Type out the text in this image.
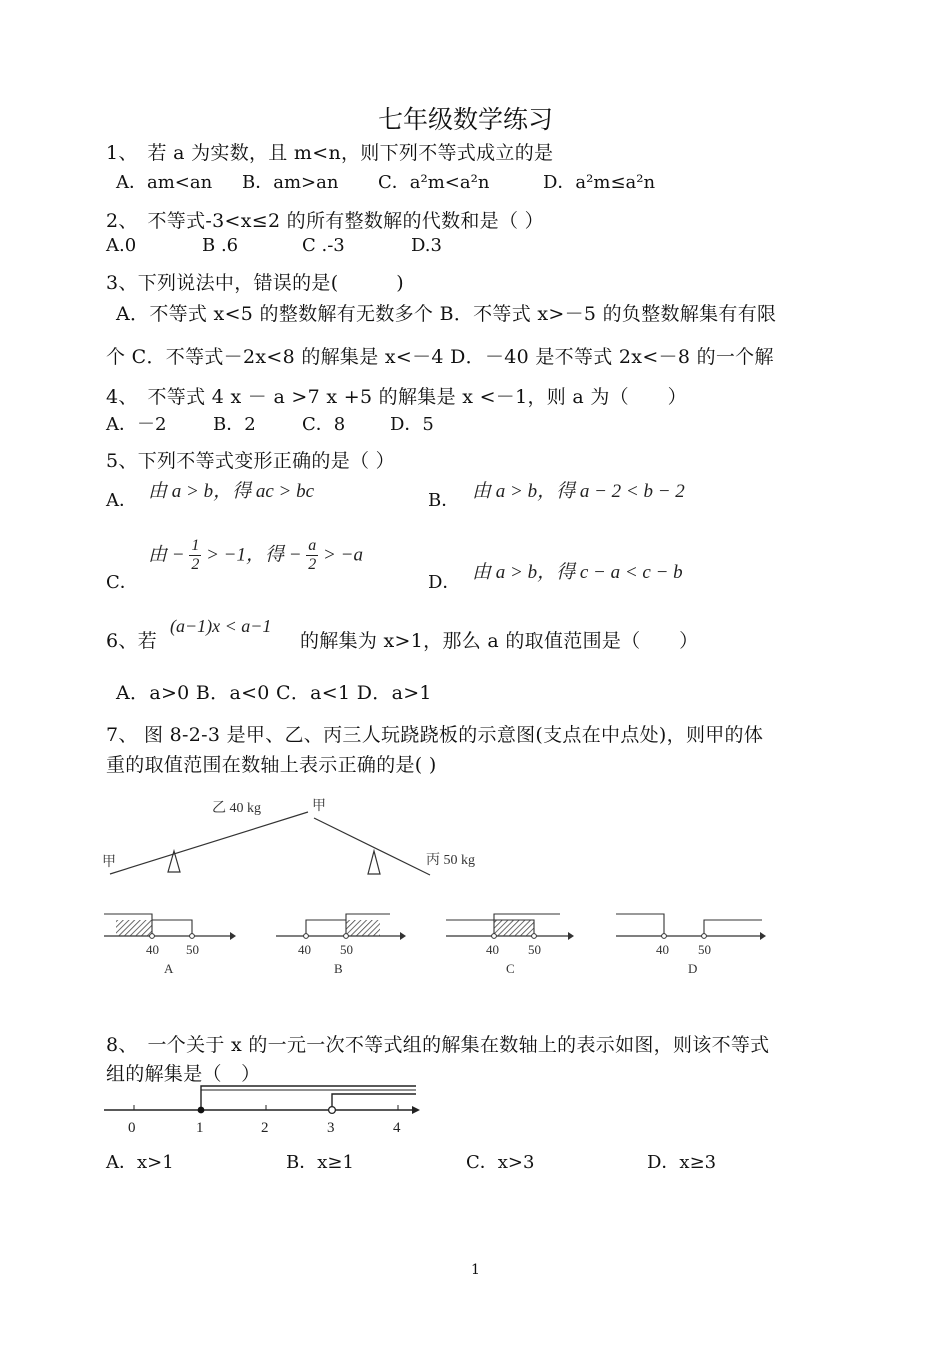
七年级数学练习
1、　若 a 为实数，且 m<n，则下列不等式成立的是
A．am<an B．am>an C．a²m<a²n	D．a²m≤a²n
2、　不等式-3<x≤2 的所有整数解的代数和是（ ）
A.0	B .6	C .-3	D.3
3、下列说法中，错误的是(　　　)
A．不等式 x<5 的整数解有无数多个 B．不等式 x>－5 的负整数解集有有限
个 C．不等式－2x<8 的解集是 x<－4 D．－40 是不等式 2x<－8 的一个解
4、　不等式 4 x － a >7 x +5 的解集是 x <－1，则 a 为（　　）
A．－2	B．2	C．8 D．5
5、下列不等式变形正确的是（ ）
A． 由 a > b，得 ac > bc	B． 由 a > b，得 a − 2 < b − 2
C．
由 − $\frac{1}{2} > -1$，得 − $\frac{a}{2} > -a$
D． 由 a > b，得 c − a < c − b
6、若
(a−1)x < a−1
的解集为 x>1，那么 a 的取值范围是（　　）
A．a>0 B．a<0 C．a<1 D．a>1
7、 图 8-2-3 是甲、乙、丙三人玩跷跷板的示意图(支点在中点处)，则甲的体
重的取值范围在数轴上表示正确的是( )
甲
乙 40 kg	甲
丙 50 kg
40 50
A
40 50
B
40 50
C
40 50
D
8、　一个关于 x 的一元一次不等式组的解集在数轴上的表示如图，则该不等式
组的解集是（　）
0	1	2	3	4
A．x>1	B．x≥1	C．x>3	D．x≥3
1
